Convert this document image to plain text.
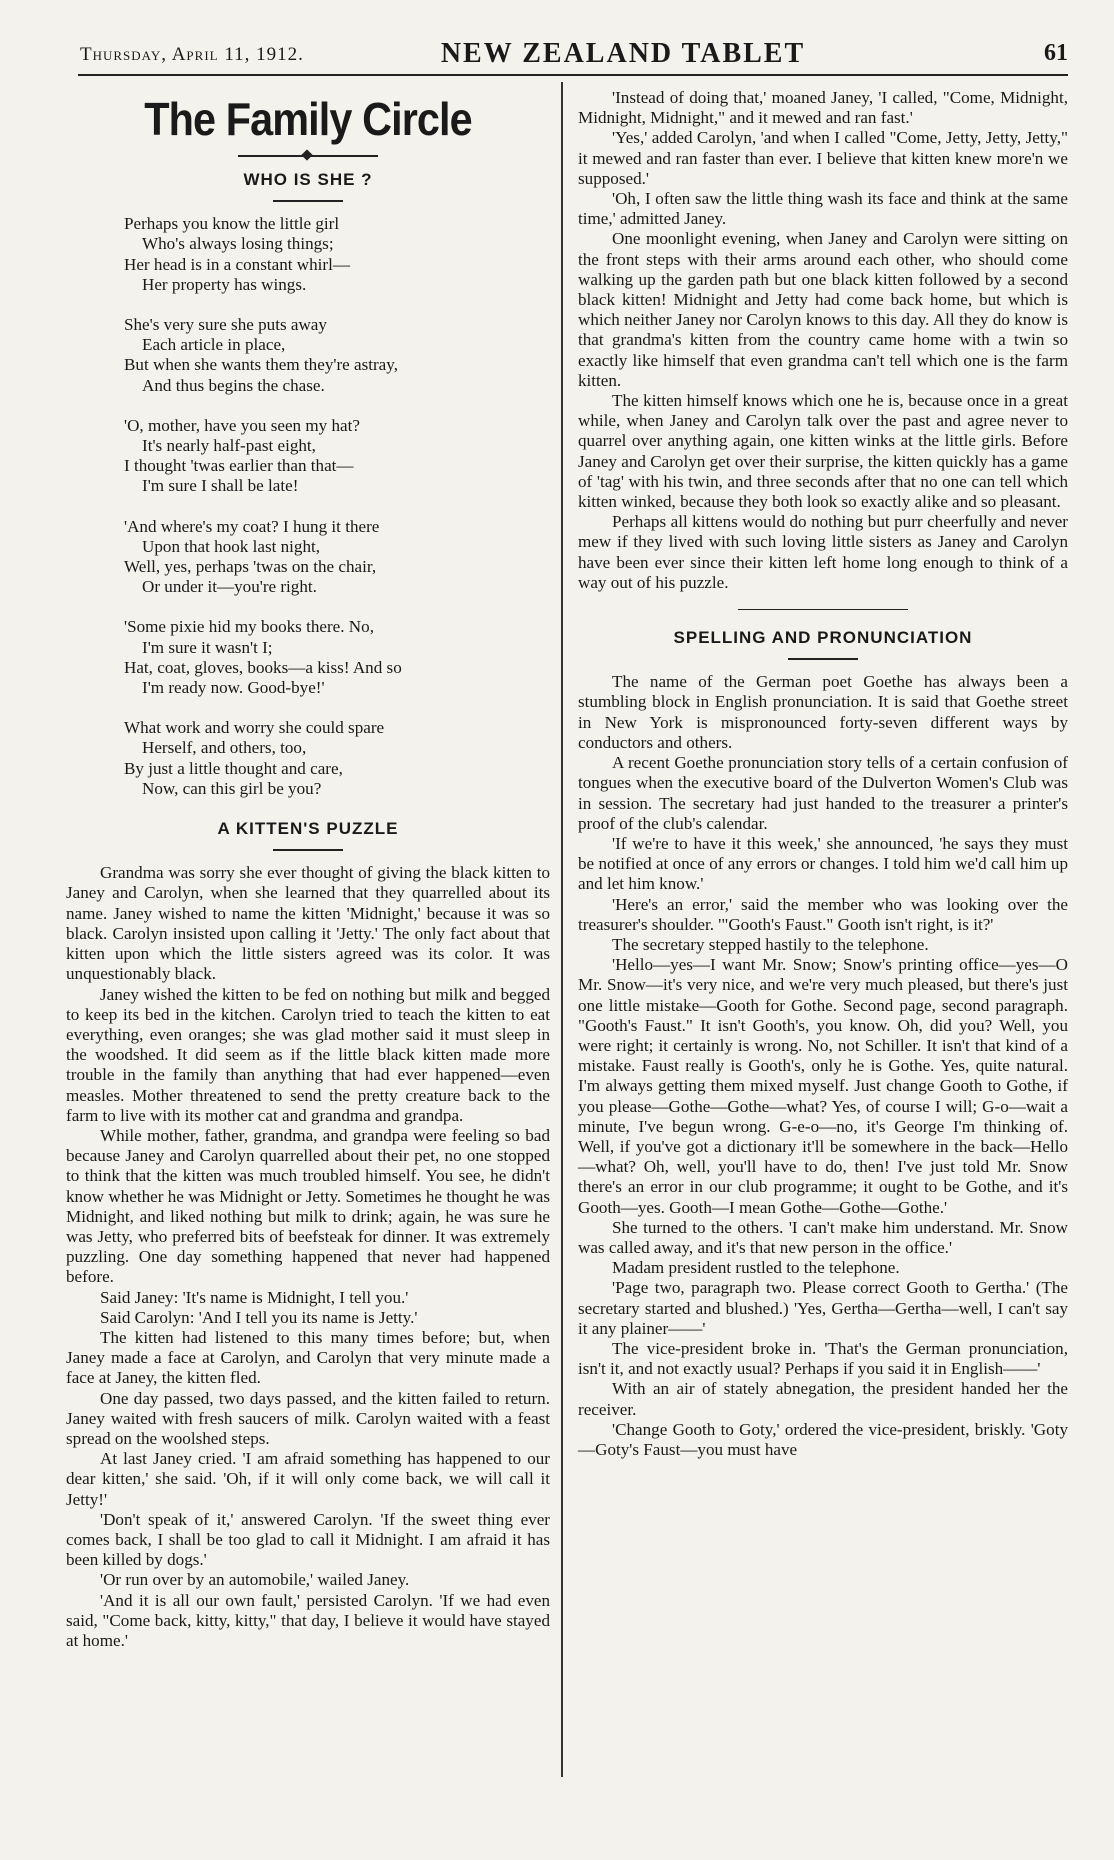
Thursday, April 11, 1912.	NEW ZEALAND TABLET	61
The Family Circle
WHO IS SHE ?
Perhaps you know the little girl
Who's always losing things;
Her head is in a constant whirl—
Her property has wings.
She's very sure she puts away
Each article in place,
But when she wants them they're astray,
And thus begins the chase.
'O, mother, have you seen my hat?
It's nearly half-past eight,
I thought 'twas earlier than that—
I'm sure I shall be late!
'And where's my coat? I hung it there
Upon that hook last night,
Well, yes, perhaps 'twas on the chair,
Or under it—you're right.
'Some pixie hid my books there. No,
I'm sure it wasn't I;
Hat, coat, gloves, books—a kiss! And so
I'm ready now. Good-bye!'
What work and worry she could spare
Herself, and others, too,
By just a little thought and care,
Now, can this girl be you?
A KITTEN'S PUZZLE

Grandma was sorry she ever thought of giving the black kitten to Janey and Carolyn, when she learned that they quarrelled about its name. Janey wished to name the kitten 'Midnight,' because it was so black. Carolyn insisted upon calling it 'Jetty.' The only fact about that kitten upon which the little sisters agreed was its color. It was unquestionably black.

Janey wished the kitten to be fed on nothing but milk and begged to keep its bed in the kitchen. Carolyn tried to teach the kitten to eat everything, even oranges; she was glad mother said it must sleep in the woodshed. It did seem as if the little black kitten made more trouble in the family than anything that had ever happened—even measles. Mother threatened to send the pretty creature back to the farm to live with its mother cat and grandma and grandpa.

While mother, father, grandma, and grandpa were feeling so bad because Janey and Carolyn quarrelled about their pet, no one stopped to think that the kitten was much troubled himself. You see, he didn't know whether he was Midnight or Jetty. Sometimes he thought he was Midnight, and liked nothing but milk to drink; again, he was sure he was Jetty, who preferred bits of beefsteak for dinner. It was extremely puzzling. One day something happened that never had happened before.

Said Janey: 'It's name is Midnight, I tell you.'

Said Carolyn: 'And I tell you its name is Jetty.'

The kitten had listened to this many times before; but, when Janey made a face at Carolyn, and Carolyn that very minute made a face at Janey, the kitten fled.

One day passed, two days passed, and the kitten failed to return. Janey waited with fresh saucers of milk. Carolyn waited with a feast spread on the woolshed steps.

At last Janey cried. 'I am afraid something has happened to our dear kitten,' she said. 'Oh, if it will only come back, we will call it Jetty!'

'Don't speak of it,' answered Carolyn. 'If the sweet thing ever comes back, I shall be too glad to call it Midnight. I am afraid it has been killed by dogs.'

'Or run over by an automobile,' wailed Janey.

'And it is all our own fault,' persisted Carolyn. 'If we had even said, "Come back, kitty, kitty," that day, I believe it would have stayed at home.'

'Instead of doing that,' moaned Janey, 'I called, "Come, Midnight, Midnight, Midnight," and it mewed and ran fast.'

'Yes,' added Carolyn, 'and when I called "Come, Jetty, Jetty, Jetty," it mewed and ran faster than ever. I believe that kitten knew more'n we supposed.'

'Oh, I often saw the little thing wash its face and think at the same time,' admitted Janey.

One moonlight evening, when Janey and Carolyn were sitting on the front steps with their arms around each other, who should come walking up the garden path but one black kitten followed by a second black kitten! Midnight and Jetty had come back home, but which is which neither Janey nor Carolyn knows to this day. All they do know is that grandma's kitten from the country came home with a twin so exactly like himself that even grandma can't tell which one is the farm kitten.

The kitten himself knows which one he is, because once in a great while, when Janey and Carolyn talk over the past and agree never to quarrel over anything again, one kitten winks at the little girls. Before Janey and Carolyn get over their surprise, the kitten quickly has a game of 'tag' with his twin, and three seconds after that no one can tell which kitten winked, because they both look so exactly alike and so pleasant.

Perhaps all kittens would do nothing but purr cheerfully and never mew if they lived with such loving little sisters as Janey and Carolyn have been ever since their kitten left home long enough to think of a way out of his puzzle.

SPELLING AND PRONUNCIATION

The name of the German poet Goethe has always been a stumbling block in English pronunciation. It is said that Goethe street in New York is mispronounced forty-seven different ways by conductors and others.

A recent Goethe pronunciation story tells of a certain confusion of tongues when the executive board of the Dulverton Women's Club was in session. The secretary had just handed to the treasurer a printer's proof of the club's calendar.

'If we're to have it this week,' she announced, 'he says they must be notified at once of any errors or changes. I told him we'd call him up and let him know.'

'Here's an error,' said the member who was looking over the treasurer's shoulder. '"Gooth's Faust." Gooth isn't right, is it?'

The secretary stepped hastily to the telephone.

'Hello—yes—I want Mr. Snow; Snow's printing office—yes—O Mr. Snow—it's very nice, and we're very much pleased, but there's just one little mistake—Gooth for Gothe. Second page, second paragraph. "Gooth's Faust." It isn't Gooth's, you know. Oh, did you? Well, you were right; it certainly is wrong. No, not Schiller. It isn't that kind of a mistake. Faust really is Gooth's, only he is Gothe. Yes, quite natural. I'm always getting them mixed myself. Just change Gooth to Gothe, if you please—Gothe—Gothe—what? Yes, of course I will; G-o—wait a minute, I've begun wrong. G-e-o—no, it's George I'm thinking of. Well, if you've got a dictionary it'll be somewhere in the back—Hello—what? Oh, well, you'll have to do, then! I've just told Mr. Snow there's an error in our club programme; it ought to be Gothe, and it's Gooth—yes. Gooth—I mean Gothe—Gothe—Gothe.'

She turned to the others. 'I can't make him understand. Mr. Snow was called away, and it's that new person in the office.'

Madam president rustled to the telephone.

'Page two, paragraph two. Please correct Gooth to Gertha.' (The secretary started and blushed.) 'Yes, Gertha—Gertha—well, I can't say it any plainer——'

The vice-president broke in. 'That's the German pronunciation, isn't it, and not exactly usual? Perhaps if you said it in English——'

With an air of stately abnegation, the president handed her the receiver.

'Change Gooth to Goty,' ordered the vice-president, briskly. 'Goty—Goty's Faust—you must have
